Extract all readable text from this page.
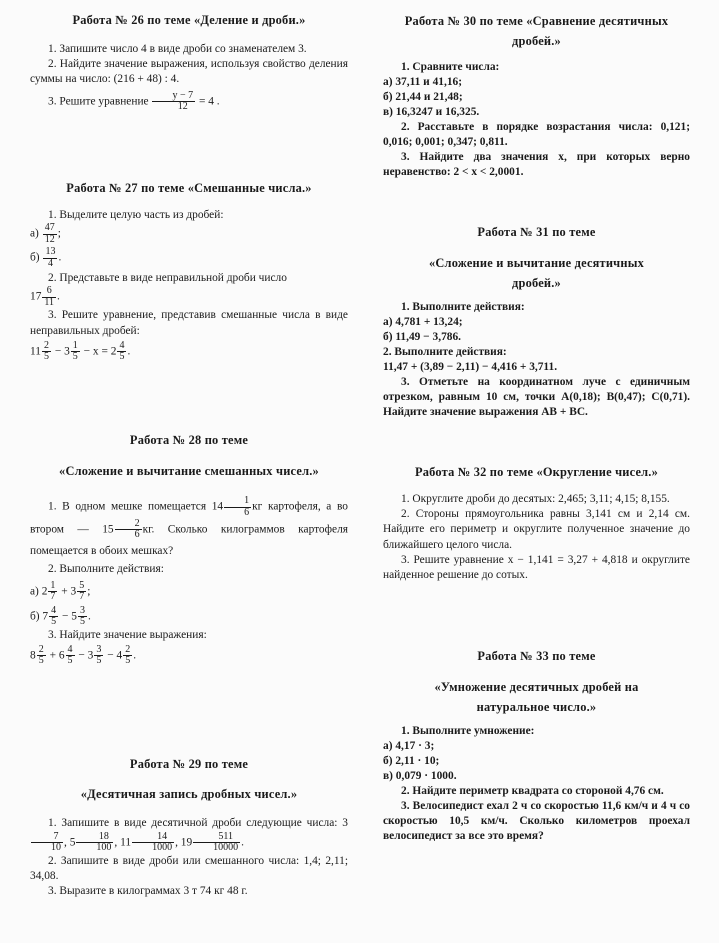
Работа № 26 по теме «Деление и дроби.»

1. Запишите число 4 в виде дроби со знаменателем 3.

2. Найдите значение выражения, используя свойство деления суммы на число: (216 + 48) : 4.

3. Решите уравнение $\frac{y - 7}{12} = 4$ .

Работа № 27 по теме «Смешанные числа.»

1. Выделите целую часть из дробей:

$а) \frac{47}{12}$ ;

$б) \frac{13}{4}$ .

2. Представьте в виде неправильной дроби число

$17 \frac{6}{11}$ .

3. Решите уравнение, представив смешанные числа в виде неправильных дробей:

$11 \frac{2}{5} - 3 \frac{1}{5} - x = 2 \frac{4}{5}$ .

Работа № 28 по теме

«Сложение и вычитание смешанных чисел.»

1. В одном мешке помещается $14 \frac{1}{6}$ кг картофеля, а во втором — $15 \frac{2}{6}$ кг. Сколько килограммов картофеля помещается в обоих мешках?

2. Выполните действия:

а) $2 \frac{1}{7} + 3 \frac{5}{7}$ ;

б) $7 \frac{4}{5} - 5 \frac{3}{5}$ .

3. Найдите значение выражения:

$8 \frac{2}{5} + 6 \frac{4}{5} - 3 \frac{3}{5} - 4 \frac{2}{5}$ .

Работа № 29 по теме

«Десятичная запись дробных чисел.»

1. Запишите в виде десятичной дроби следующие числа: 3
$\frac{7}{10}$ , $5 \frac{18}{100}$ , $11 \frac{14}{1000}$ , $19 \frac{511}{10000}$ .

2. Запишите в виде дроби или смешанного числа: 1,4; 2,11; 34,08.

3. Выразите в килограммах 3 т 74 кг 48 г.

Работа № 30 по теме «Сравнение десятичных дробей.»

1. Сравните числа:

а) 37,11 и 41,16;

б) 21,44 и 21,48;

в) 16,3247 и 16,325.

2. Расставьте в порядке возрастания числа: 0,121; 0,016; 0,001; 0,347; 0,811.

3. Найдите два значения x, при которых верно неравенство: 2 < x < 2,0001.

Работа № 31 по теме

«Сложение и вычитание десятичных дробей.»

1. Выполните действия:

а) 4,781 + 13,24;

б) 11,49 − 3,786.

2. Выполните действия:

11,47 + (3,89 − 2,11) − 4,416 + 3,711.

3. Отметьте на координатном луче с единичным отрезком, равным 10 см, точки A(0,18); B(0,47); C(0,71). Найдите значение выражения AB + BC.

Работа № 32 по теме «Округление чисел.»

1. Округлите дроби до десятых: 2,465; 3,11; 4,15; 8,155.

2. Стороны прямоугольника равны 3,141 см и 2,14 см. Найдите его периметр и округлите полученное значение до ближайшего целого числа.

3. Решите уравнение x − 1,141 = 3,27 + 4,818 и округлите найденное решение до сотых.

Работа № 33 по теме

«Умножение десятичных дробей на натуральное число.»

1. Выполните умножение:

а) 4,17 · 3;

б) 2,11 · 10;

в) 0,079 · 1000.

2. Найдите периметр квадрата со стороной 4,76 см.

3. Велосипедист ехал 2 ч со скоростью 11,6 км/ч и 4 ч со скоростью 10,5 км/ч. Сколько километров проехал велосипедист за все это время?
